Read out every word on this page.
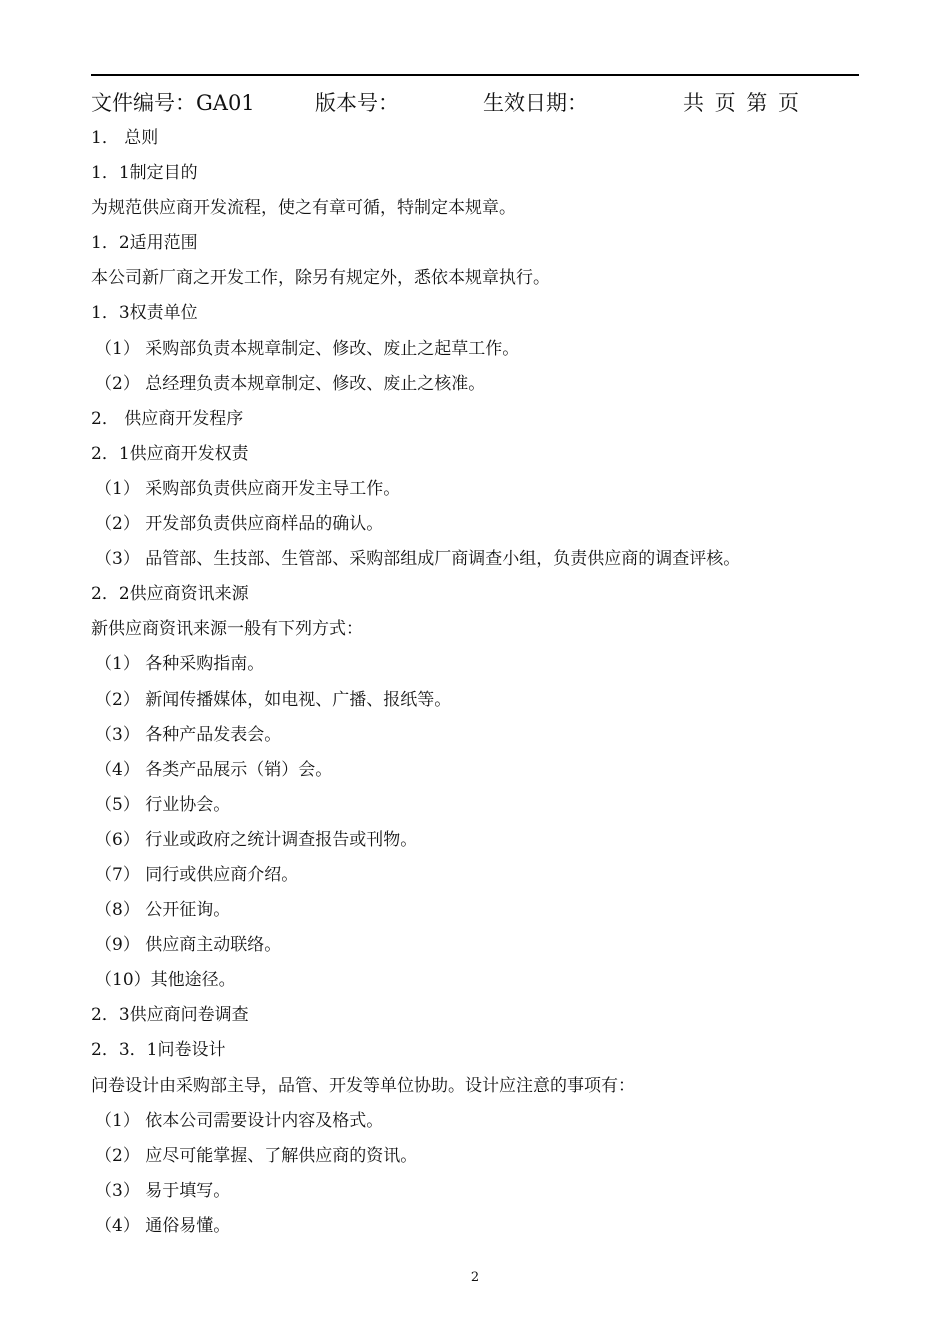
文件编号：GA01	版本号：	生效日期：	共 页 第 页
1． 总则
1．1制定目的
为规范供应商开发流程，使之有章可循，特制定本规章。
1．2适用范围
本公司新厂商之开发工作，除另有规定外，悉依本规章执行。
1．3权责单位
（1） 采购部负责本规章制定、修改、废止之起草工作。
（2） 总经理负责本规章制定、修改、废止之核准。
2． 供应商开发程序
2．1供应商开发权责
（1） 采购部负责供应商开发主导工作。
（2） 开发部负责供应商样品的确认。
（3） 品管部、生技部、生管部、采购部组成厂商调查小组，负责供应商的调查评核。
2．2供应商资讯来源
新供应商资讯来源一般有下列方式：
（1） 各种采购指南。
（2） 新闻传播媒体，如电视、广播、报纸等。
（3） 各种产品发表会。
（4） 各类产品展示（销）会。
（5） 行业协会。
（6） 行业或政府之统计调查报告或刊物。
（7） 同行或供应商介绍。
（8） 公开征询。
（9） 供应商主动联络。
（10）其他途径。
2．3供应商问卷调查
2．3．1问卷设计
问卷设计由采购部主导，品管、开发等单位协助。设计应注意的事项有：
（1） 依本公司需要设计内容及格式。
（2） 应尽可能掌握、了解供应商的资讯。
（3） 易于填写。
（4） 通俗易懂。
2
